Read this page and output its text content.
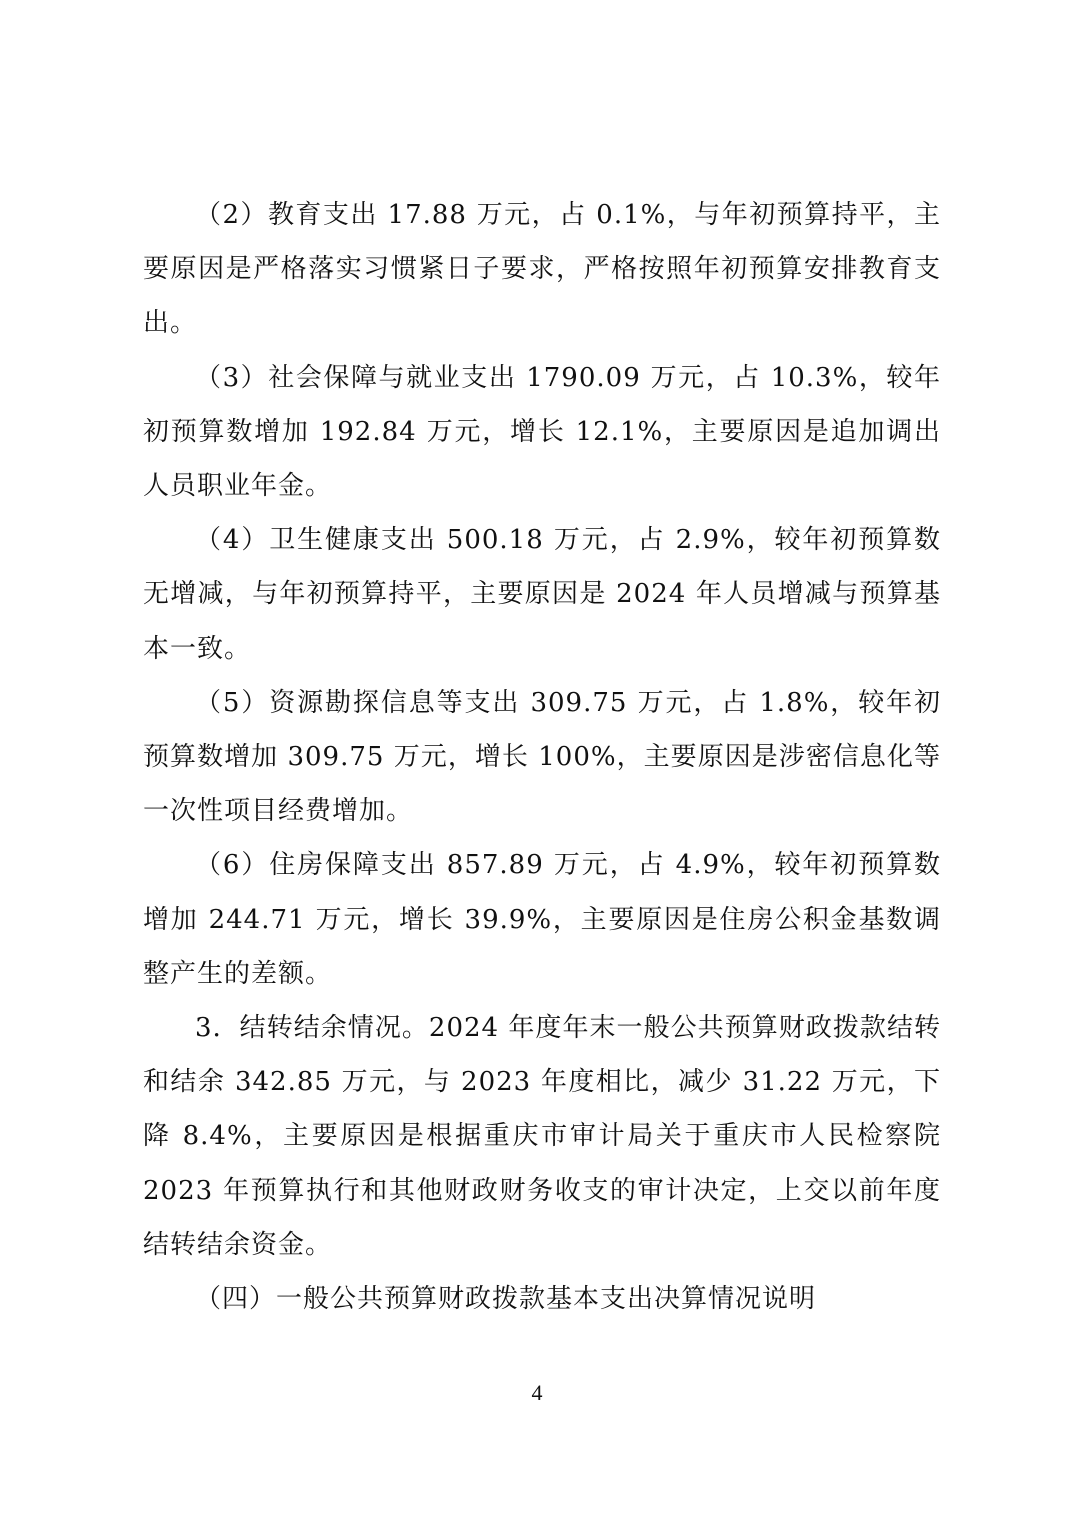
（2）教育支出 17.88 万元，占 0.1%，与年初预算持平，主要原因是严格落实习惯紧日子要求，严格按照年初预算安排教育支出。

（3）社会保障与就业支出 1790.09 万元，占 10.3%，较年初预算数增加 192.84 万元，增长 12.1%，主要原因是追加调出人员职业年金。

（4）卫生健康支出 500.18 万元，占 2.9%，较年初预算数无增减，与年初预算持平，主要原因是 2024 年人员增减与预算基本一致。

（5）资源勘探信息等支出 309.75 万元，占 1.8%，较年初预算数增加 309.75 万元，增长 100%，主要原因是涉密信息化等一次性项目经费增加。

（6）住房保障支出 857.89 万元，占 4.9%，较年初预算数增加 244.71 万元，增长 39.9%，主要原因是住房公积金基数调整产生的差额。

3．结转结余情况。2024 年度年末一般公共预算财政拨款结转和结余 342.85 万元，与 2023 年度相比，减少 31.22 万元，下降 8.4%，主要原因是根据重庆市审计局关于重庆市人民检察院 2023 年预算执行和其他财政财务收支的审计决定，上交以前年度结转结余资金。

（四）一般公共预算财政拨款基本支出决算情况说明

4
